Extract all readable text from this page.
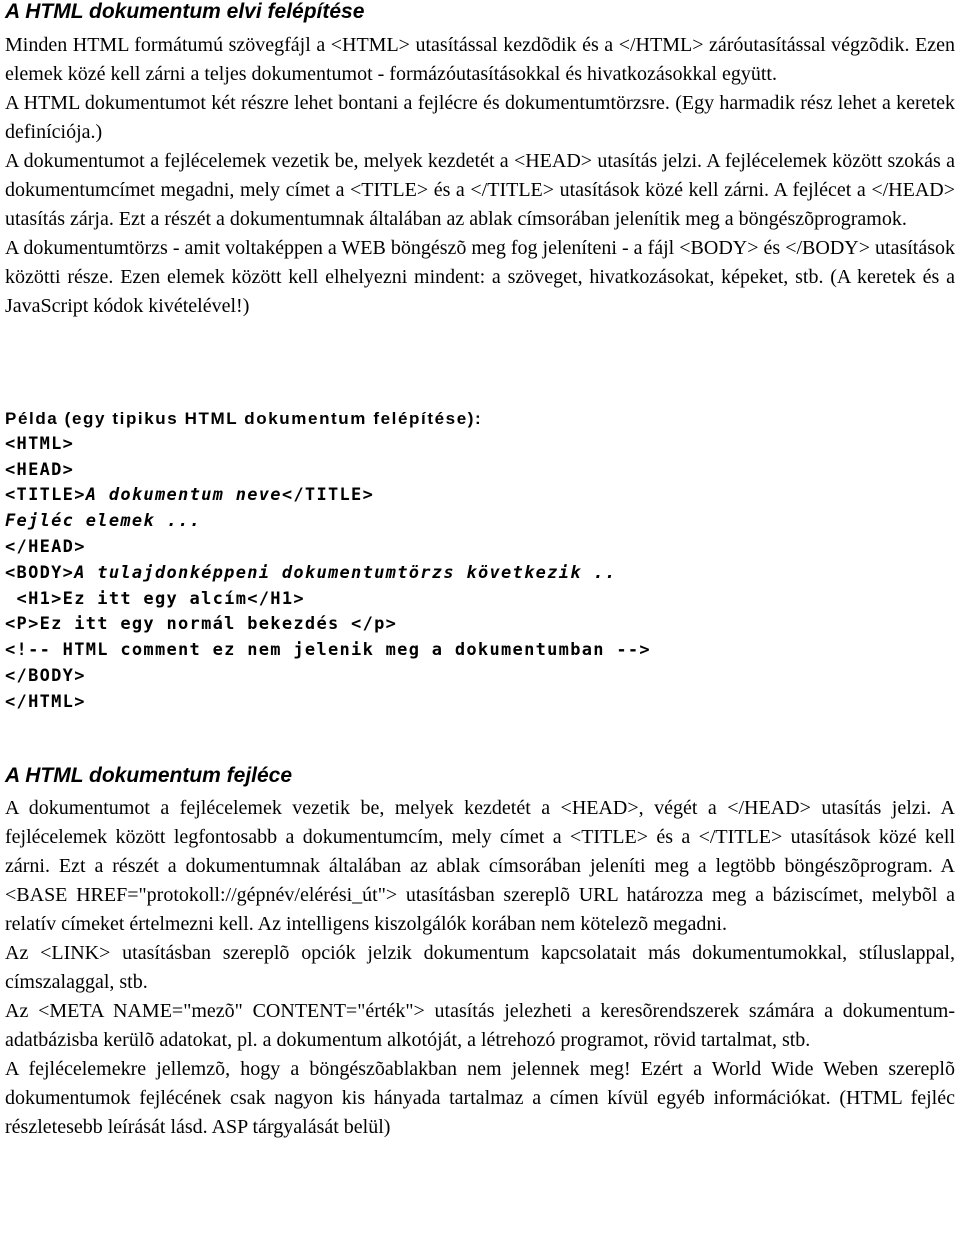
A HTML dokumentum elvi felépítése

Minden HTML formátumú szövegfájl a <HTML> utasítással kezdõdik és a </HTML> záróutasítással végzõdik. Ezen elemek közé kell zárni a teljes dokumentumot - formázóutasításokkal és hivatkozásokkal együtt.

A HTML dokumentumot két részre lehet bontani a fejlécre és dokumentumtörzsre. (Egy harmadik rész lehet a keretek definíciója.)

A dokumentumot a fejlécelemek vezetik be, melyek kezdetét a <HEAD> utasítás jelzi. A fejlécelemek között szokás a dokumentumcímet megadni, mely címet a <TITLE> és a </TITLE> utasítások közé kell zárni. A fejlécet a </HEAD> utasítás zárja. Ezt a részét a dokumentumnak általában az ablak címsorában jelenítik meg a böngészõprogramok.

A dokumentumtörzs - amit voltaképpen a WEB böngészõ meg fog jeleníteni - a fájl <BODY> és </BODY> utasítások közötti része. Ezen elemek között kell elhelyezni mindent: a szöveget, hivatkozásokat, képeket, stb. (A keretek és a JavaScript kódok kivételével!)

Példa (egy tipikus HTML dokumentum felépítése):
<HTML>
<HEAD>
<TITLE>A dokumentum neve</TITLE>
Fejléc elemek ...
</HEAD>
<BODY>A tulajdonképpeni dokumentumtörzs következik ..
<H1>Ez itt egy alcím</H1>
<P>Ez itt egy normál bekezdés </p>
<!-- HTML comment ez nem jelenik meg a dokumentumban -->
</BODY>
</HTML>
A HTML dokumentum fejléce

A dokumentumot a fejlécelemek vezetik be, melyek kezdetét a <HEAD>, végét a </HEAD> utasítás jelzi. A fejlécelemek között legfontosabb a dokumentumcím, mely címet a <TITLE> és a </TITLE> utasítások közé kell zárni. Ezt a részét a dokumentumnak általában az ablak címsorában jeleníti meg a legtöbb böngészõprogram. A <BASE HREF="protokoll://gépnév/elérési_út"> utasításban szereplõ URL határozza meg a báziscímet, melybõl a relatív címeket értelmezni kell. Az intelligens kiszolgálók korában nem kötelezõ megadni.

Az <LINK> utasításban szereplõ opciók jelzik dokumentum kapcsolatait más dokumentumokkal, stíluslappal, címszalaggal, stb.

Az <META NAME="mezõ" CONTENT="érték"> utasítás jelezheti a keresõrendszerek számára a dokumentum-adatbázisba kerülõ adatokat, pl. a dokumentum alkotóját, a létrehozó programot, rövid tartalmat, stb.

A fejlécelemekre jellemzõ, hogy a böngészõablakban nem jelennek meg! Ezért a World Wide Weben szereplõ dokumentumok fejlécének csak nagyon kis hányada tartalmaz a címen kívül egyéb információkat. (HTML fejléc részletesebb leírását lásd. ASP tárgyalását belül)
